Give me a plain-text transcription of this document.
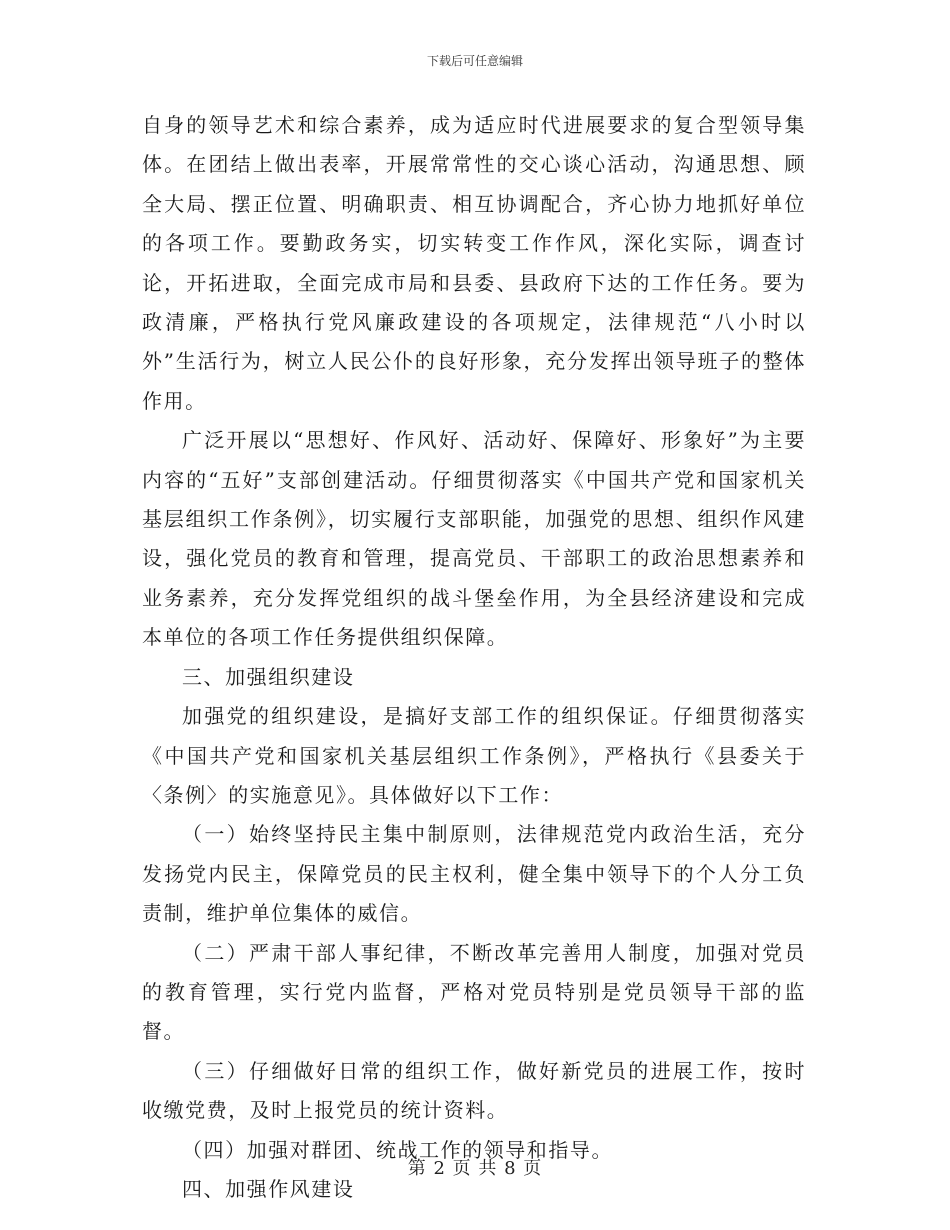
下载后可任意编辑

自身的领导艺术和综合素养，成为适应时代进展要求的复合型领导集体。在团结上做出表率，开展常常性的交心谈心活动，沟通思想、顾全大局、摆正位置、明确职责、相互协调配合，齐心协力地抓好单位的各项工作。要勤政务实，切实转变工作作风，深化实际，调查讨论，开拓进取，全面完成市局和县委、县政府下达的工作任务。要为政清廉，严格执行党风廉政建设的各项规定，法律规范“八小时以外”生活行为，树立人民公仆的良好形象，充分发挥出领导班子的整体作用。

广泛开展以“思想好、作风好、活动好、保障好、形象好”为主要内容的“五好”支部创建活动。仔细贯彻落实《中国共产党和国家机关基层组织工作条例》，切实履行支部职能，加强党的思想、组织作风建设，强化党员的教育和管理，提高党员、干部职工的政治思想素养和业务素养，充分发挥党组织的战斗堡垒作用，为全县经济建设和完成本单位的各项工作任务提供组织保障。

三、加强组织建设

加强党的组织建设，是搞好支部工作的组织保证。仔细贯彻落实《中国共产党和国家机关基层组织工作条例》，严格执行《县委关于〈条例〉的实施意见》。具体做好以下工作：

（一）始终坚持民主集中制原则，法律规范党内政治生活，充分发扬党内民主，保障党员的民主权利，健全集中领导下的个人分工负责制，维护单位集体的威信。

（二）严肃干部人事纪律，不断改革完善用人制度，加强对党员的教育管理，实行党内监督，严格对党员特别是党员领导干部的监督。

（三）仔细做好日常的组织工作，做好新党员的进展工作，按时收缴党费，及时上报党员的统计资料。

（四）加强对群团、统战工作的领导和指导。

四、加强作风建设

第 2 页 共 8 页
